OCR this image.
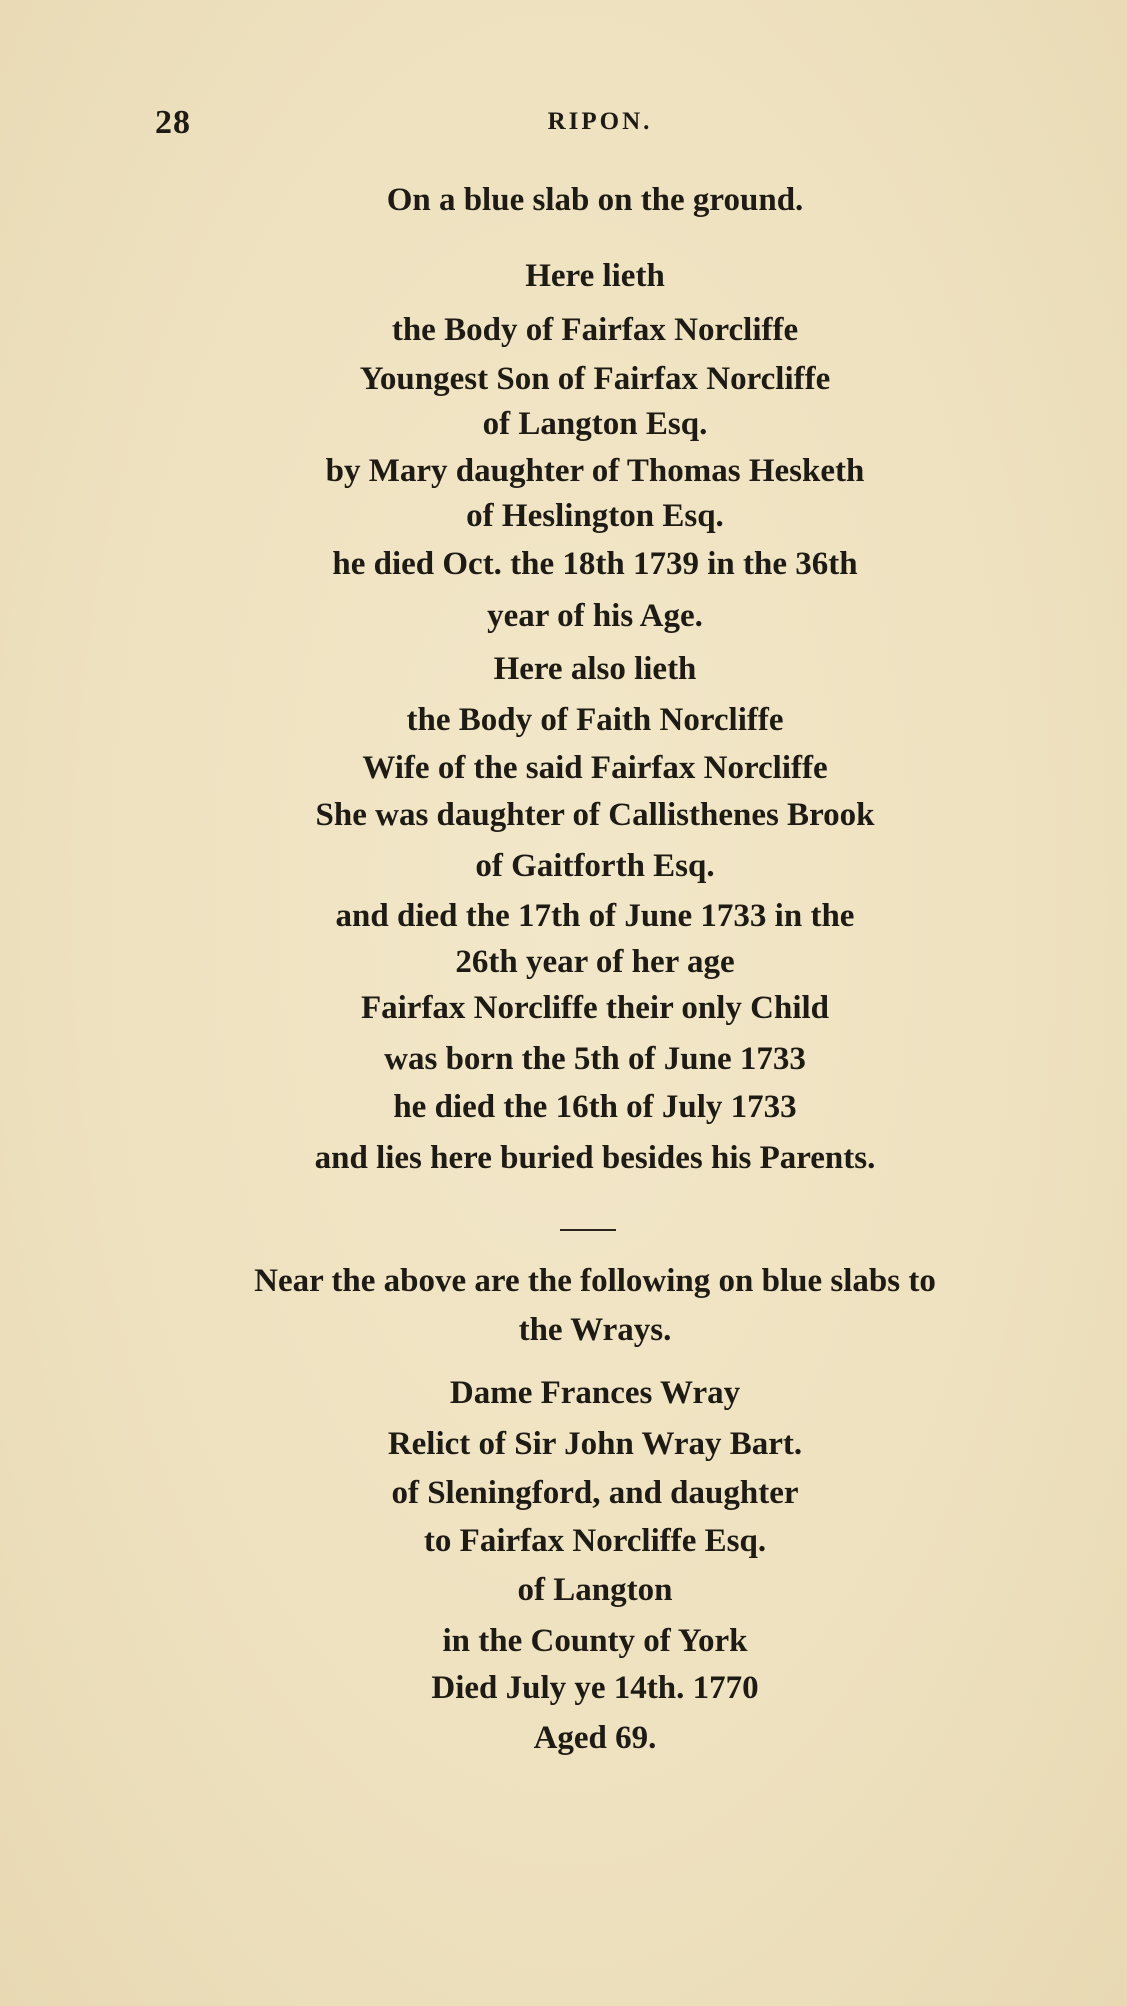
28	RIPON.
On a blue slab on the ground.
Here lieth
the Body of Fairfax Norcliffe
Youngest Son of Fairfax Norcliffe
of Langton Esq.
by Mary daughter of Thomas Hesketh
of Heslington Esq.
he died Oct. the 18th 1739 in the 36th
year of his Age.
Here also lieth
the Body of Faith Norcliffe
Wife of the said Fairfax Norcliffe
She was daughter of Callisthenes Brook
of Gaitforth Esq.
and died the 17th of June 1733 in the
26th year of her age
Fairfax Norcliffe their only Child
was born the 5th of June 1733
he died the 16th of July 1733
and lies here buried besides his Parents.
Near the above are the following on blue slabs to
the Wrays.
Dame Frances Wray
Relict of Sir John Wray Bart.
of Sleningford, and daughter
to Fairfax Norcliffe Esq.
of Langton
in the County of York
Died July ye 14th. 1770
Aged 69.
